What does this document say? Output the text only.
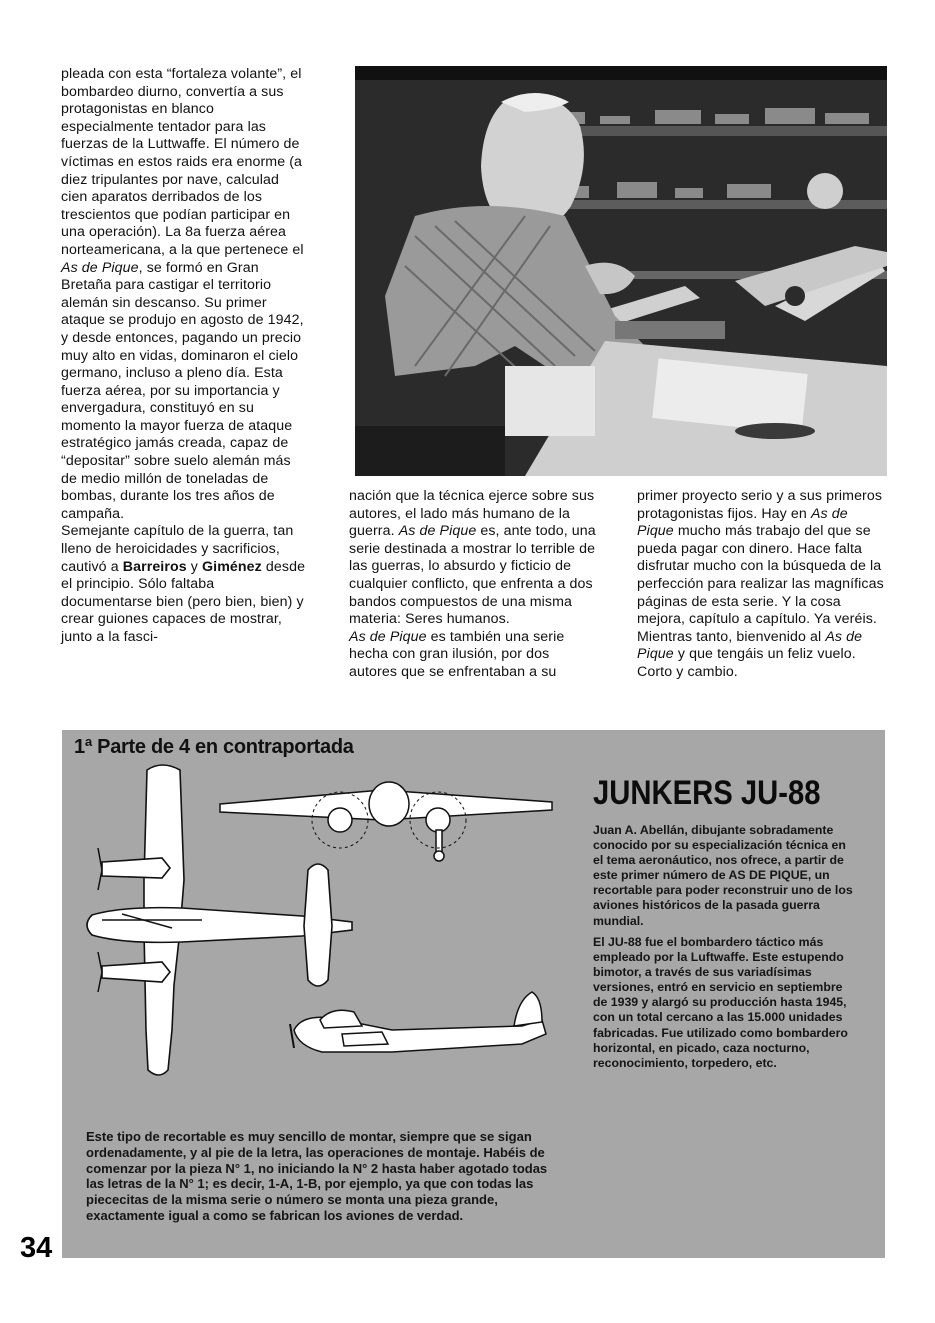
pleada con esta “fortaleza volante”, el bombardeo diurno, convertía a sus protagonistas en blanco especialmente tentador para las fuerzas de la Luttwaffe. El número de víctimas en estos raids era enorme (a diez tripulantes por nave, calculad cien aparatos derribados de los trescientos que podían participar en una operación). La 8a fuerza aérea norteamericana, a la que pertenece el As de Pique, se formó en Gran Bretaña para castigar el territorio alemán sin descanso. Su primer ataque se produjo en agosto de 1942, y desde entonces, pagando un precio muy alto en vidas, dominaron el cielo germano, incluso a pleno día. Esta fuerza aérea, por su importancia y envergadura, constituyó en su momento la mayor fuerza de ataque estratégico jamás creada, capaz de “depositar” sobre suelo alemán más de medio millón de toneladas de bombas, durante los tres años de campaña.

Semejante capítulo de la guerra, tan lleno de heroicidades y sacrificios, cautivó a Barreiros y Giménez desde el principio. Sólo faltaba documentarse bien (pero bien, bien) y crear guiones capaces de mostrar, junto a la fasci-

nación que la técnica ejerce sobre sus autores, el lado más humano de la guerra. As de Pique es, ante todo, una serie destinada a mostrar lo terrible de las guerras, lo absurdo y ficticio de cualquier conflicto, que enfrenta a dos bandos compuestos de una misma materia: Seres humanos.

As de Pique es también una serie hecha con gran ilusión, por dos autores que se enfrentaban a su

primer proyecto serio y a sus primeros protagonistas fijos. Hay en As de Pique mucho más trabajo del que se pueda pagar con dinero. Hace falta disfrutar mucho con la búsqueda de la perfección para realizar las magníficas páginas de esta serie. Y la cosa mejora, capítulo a capítulo. Ya veréis. Mientras tanto, bienvenido al As de Pique y que tengáis un feliz vuelo. Corto y cambio.

1ª Parte de 4 en contraportada
JUNKERS JU-88

Juan A. Abellán, dibujante sobradamente conocido por su especialización técnica en el tema aeronáutico, nos ofrece, a partir de este primer número de AS DE PIQUE, un recortable para poder reconstruir uno de los aviones históricos de la pasada guerra mundial.

El JU-88 fue el bombardero táctico más empleado por la Luftwaffe. Este estupendo bimotor, a través de sus variadísimas versiones, entró en servicio en septiembre de 1939 y alargó su producción hasta 1945, con un total cercano a las 15.000 unidades fabricadas. Fue utilizado como bombardero horizontal, en picado, caza nocturno, reconocimiento, torpedero, etc.

Este tipo de recortable es muy sencillo de montar, siempre que se sigan ordenadamente, y al pie de la letra, las operaciones de montaje. Habéis de comenzar por la pieza N° 1, no iniciando la N° 2 hasta haber agotado todas las letras de la N° 1; es decir, 1-A, 1-B, por ejemplo, ya que con todas las piececitas de la misma serie o número se monta una pieza grande, exactamente igual a como se fabrican los aviones de verdad.

34
